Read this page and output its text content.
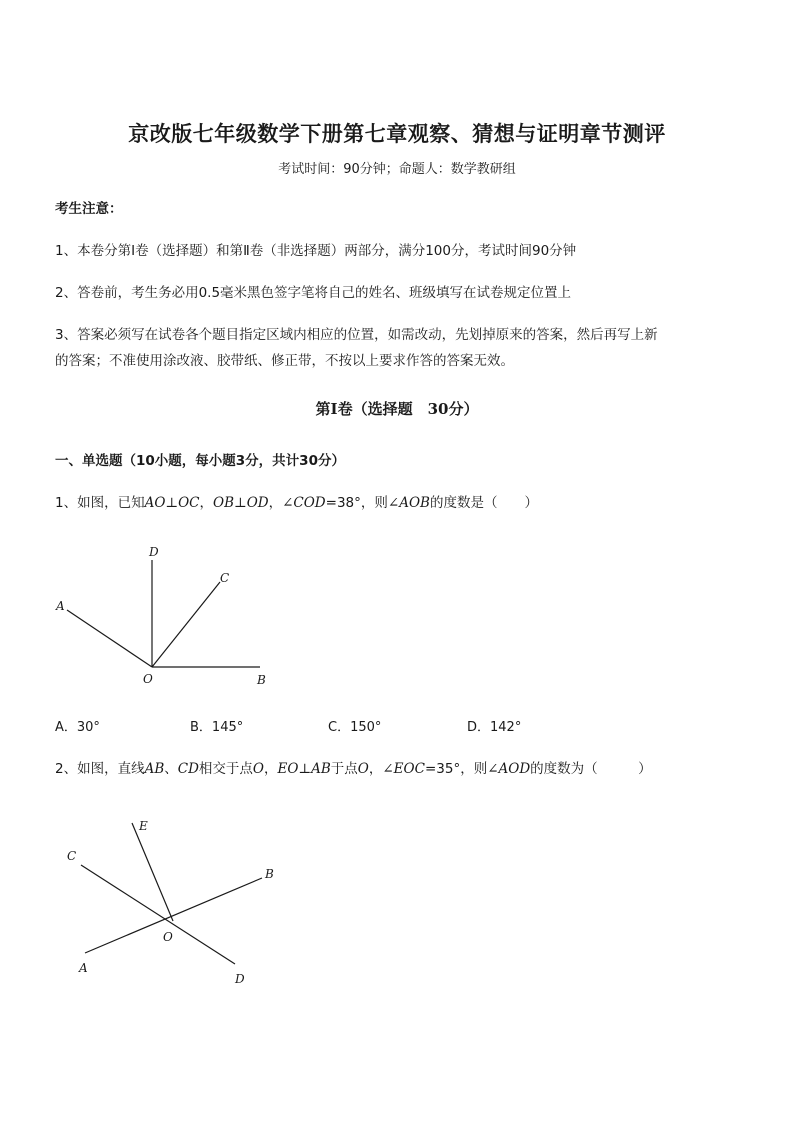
京改版七年级数学下册第七章观察、猜想与证明章节测评
考试时间：90分钟；命题人：数学教研组
考生注意：
1、本卷分第Ⅰ卷（选择题）和第Ⅱ卷（非选择题）两部分，满分100分，考试时间90分钟
2、答卷前，考生务必用0.5毫米黑色签字笔将自己的姓名、班级填写在试卷规定位置上
3、答案必须写在试卷各个题目指定区域内相应的位置，如需改动，先划掉原来的答案，然后再写上新
的答案；不准使用涂改液、胶带纸、修正带，不按以上要求作答的答案无效。
第Ⅰ卷（选择题　30分）
一、单选题（10小题，每小题3分，共计30分）
1、如图，已知AO⊥OC，OB⊥OD，∠COD=38°，则∠AOB的度数是（　　）
D
C
A
O	B
A．30°	B．145°	C．150°	D．142°
2、如图，直线AB、CD相交于点O，EO⊥AB于点O，∠EOC=35°，则∠AOD的度数为（　　　）
E
C
B
O
A
D
